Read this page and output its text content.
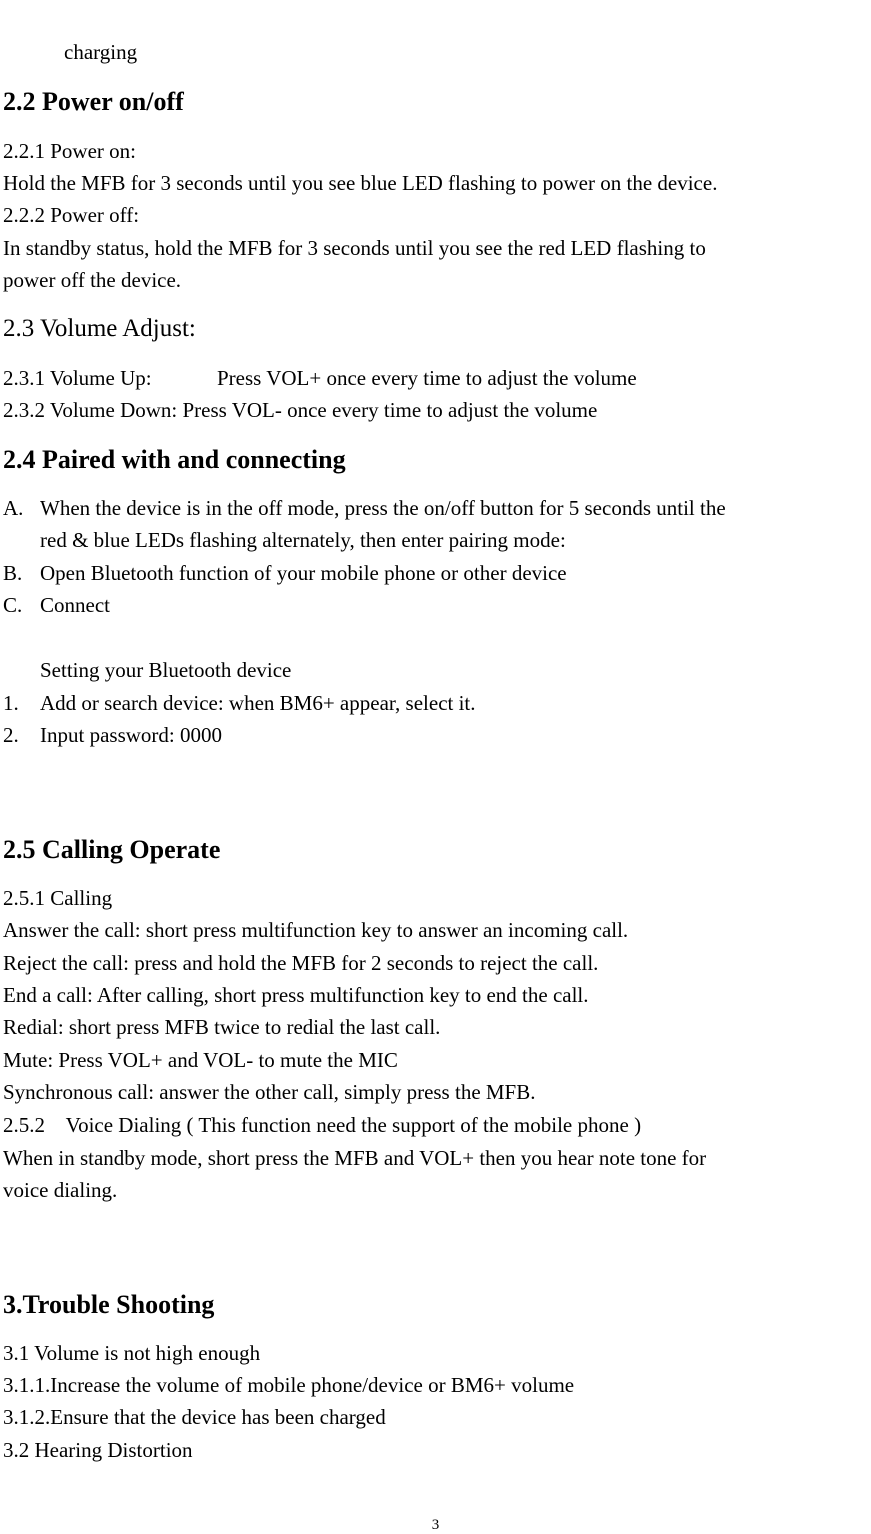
charging

2.2 Power on/off

2.2.1 Power on:

Hold the MFB for 3 seconds until you see blue LED flashing to power on the device.

2.2.2 Power off:

In standby status, hold the MFB for 3 seconds until you see the red LED flashing to

power off the device.

2.3 Volume Adjust:

2.3.1 Volume Up:	Press VOL+ once every time to adjust the volume

2.3.2 Volume Down: Press VOL- once every time to adjust the volume

2.4 Paired with and connecting
A. When the device is in the off mode, press the on/off button for 5 seconds until the
red & blue LEDs flashing alternately, then enter pairing mode:
B. Open Bluetooth function of your mobile phone or other device
C. Connect
Setting your Bluetooth device
1. Add or search device: when BM6+ appear, select it.
2. Input password: 0000
2.5 Calling Operate

2.5.1 Calling

Answer the call: short press multifunction key to answer an incoming call.

Reject the call: press and hold the MFB for 2 seconds to reject the call.

End a call: After calling, short press multifunction key to end the call.

Redial: short press MFB twice to redial the last call.

Mute: Press VOL+ and VOL- to mute the MIC

Synchronous call: answer the other call, simply press the MFB.

2.5.2    Voice Dialing ( This function need the support of the mobile phone )

When in standby mode, short press the MFB and VOL+ then you hear note tone for

voice dialing.

3.Trouble Shooting

3.1 Volume is not high enough

3.1.1.Increase the volume of mobile phone/device or BM6+ volume

3.1.2.Ensure that the device has been charged

3.2 Hearing Distortion

3
